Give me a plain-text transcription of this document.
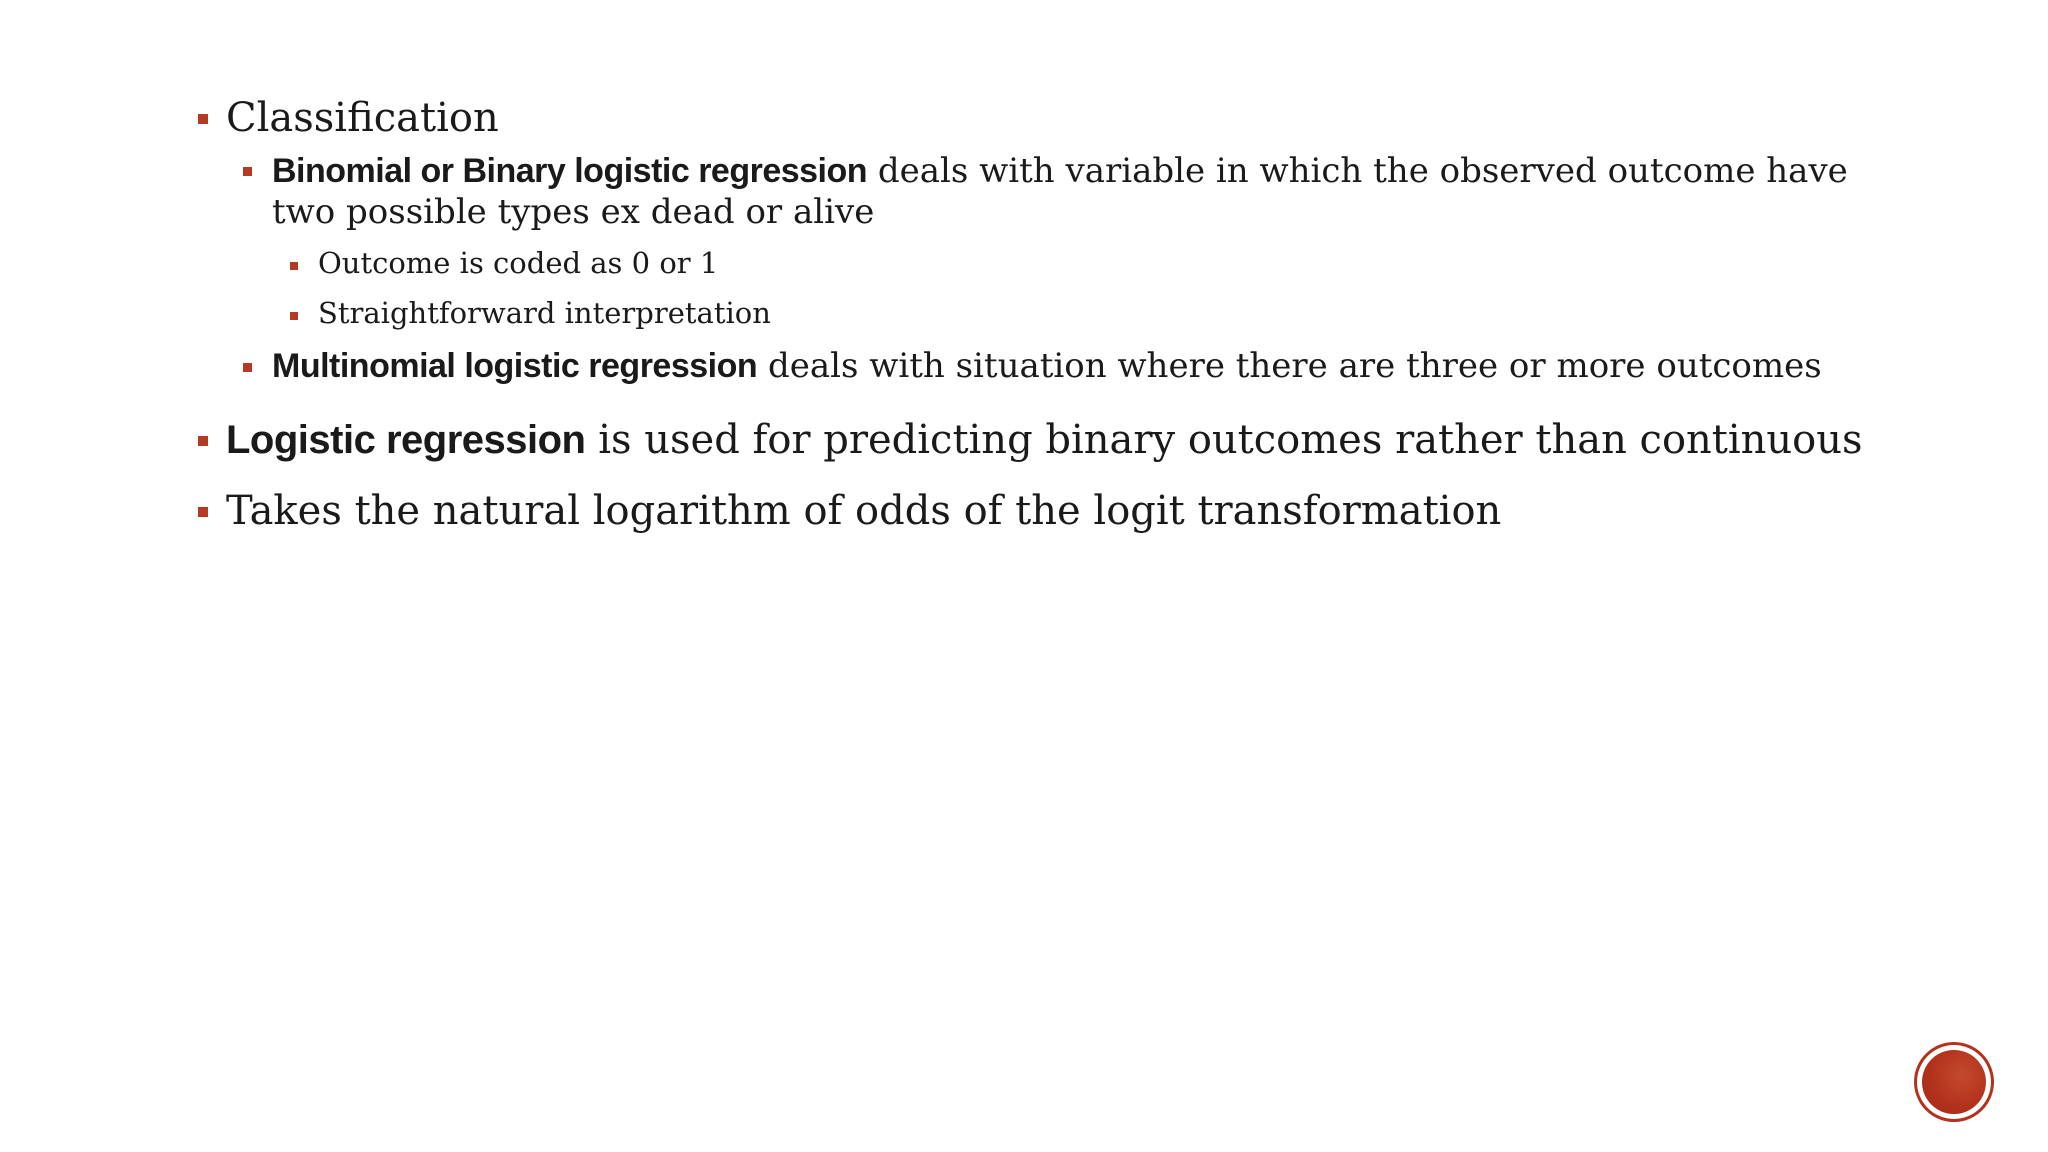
Classification
Binomial or Binary logistic regression deals with variable in which the observed outcome have
two possible types ex dead or alive
Outcome is coded as 0 or 1
Straightforward interpretation
Multinomial logistic regression deals with situation where there are three or more outcomes
Logistic regression is used for predicting binary outcomes rather than continuous
Takes the natural logarithm of odds of the logit transformation
